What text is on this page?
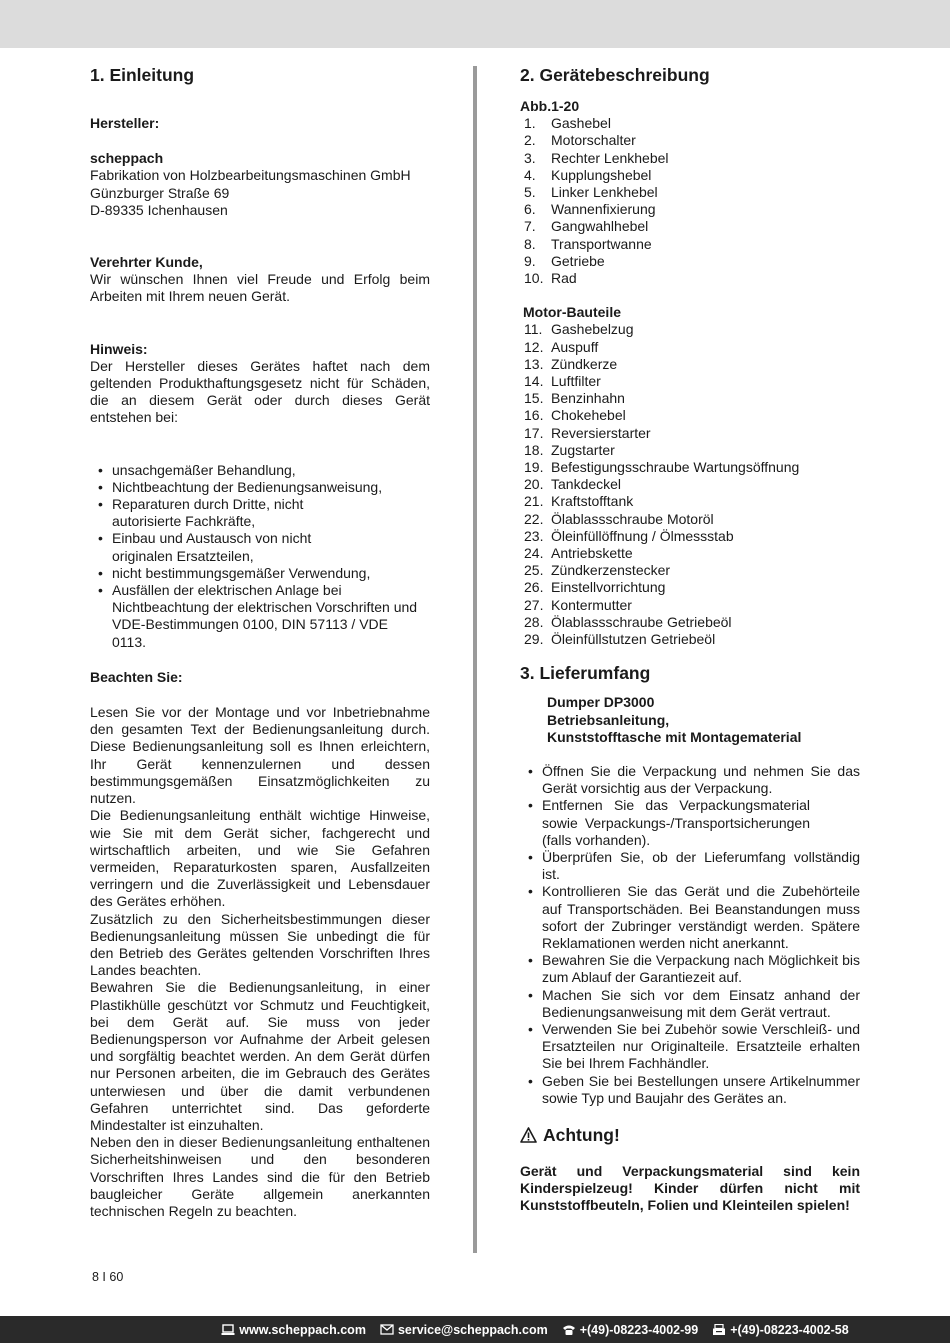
1. Einleitung

Hersteller:

scheppach

Fabrikation von Holzbearbeitungsmaschinen GmbH

Günzburger Straße 69

D-89335 Ichenhausen

Verehrter Kunde,

Wir wünschen Ihnen viel Freude und Erfolg beim Arbeiten mit Ihrem neuen Gerät.

Hinweis:

Der Hersteller dieses Gerätes haftet nach dem geltenden Produkthaftungsgesetz nicht für Schäden, die an diesem Gerät oder durch dieses Gerät entstehen bei:

• unsachgemäßer Behandlung,
• Nichtbeachtung der Bedienungsanweisung,
• Reparaturen durch Dritte, nicht autorisierte Fachkräfte,
• Einbau und Austausch von nicht originalen Ersatzteilen,
• nicht bestimmungsgemäßer Verwendung,
• Ausfällen der elektrischen Anlage bei Nichtbeachtung der elektrischen Vorschriften und VDE-Bestimmungen 0100, DIN 57113 / VDE 0113.

Beachten Sie:

Lesen Sie vor der Montage und vor Inbetriebnahme den gesamten Text der Bedienungsanleitung durch. Diese Bedienungsanleitung soll es Ihnen erleichtern, Ihr Gerät kennenzulernen und dessen bestimmungsgemäßen Einsatzmöglichkeiten zu nutzen.

Die Bedienungsanleitung enthält wichtige Hinweise, wie Sie mit dem Gerät sicher, fachgerecht und wirtschaftlich arbeiten, und wie Sie Gefahren vermeiden, Reparaturkosten sparen, Ausfallzeiten verringern und die Zuverlässigkeit und Lebensdauer des Gerätes erhöhen.

Zusätzlich zu den Sicherheitsbestimmungen dieser Bedienungsanleitung müssen Sie unbedingt die für den Betrieb des Gerätes geltenden Vorschriften Ihres Landes beachten.

Bewahren Sie die Bedienungsanleitung, in einer Plastikhülle geschützt vor Schmutz und Feuchtigkeit, bei dem Gerät auf. Sie muss von jeder Bedienungsperson vor Aufnahme der Arbeit gelesen und sorgfältig beachtet werden. An dem Gerät dürfen nur Personen arbeiten, die im Gebrauch des Gerätes unterwiesen und über die damit verbundenen Gefahren unterrichtet sind. Das geforderte Mindestalter ist einzuhalten.

Neben den in dieser Bedienungsanleitung enthaltenen Sicherheitshinweisen und den besonderen Vorschriften Ihres Landes sind die für den Betrieb baugleicher Geräte allgemein anerkannten technischen Regeln zu beachten.

2. Gerätebeschreibung

Abb.1-20

1.	Gashebel
2.	Motorschalter
3.	Rechter Lenkhebel
4.	Kupplungshebel
5.	Linker Lenkhebel
6.	Wannenfixierung
7.	Gangwahlhebel
8.	Transportwanne
9.	Getriebe
10. Rad

Motor-Bauteile

11. Gashebelzug
12. Auspuff
13. Zündkerze
14. Luftfilter
15. Benzinhahn
16. Chokehebel
17. Reversierstarter
18. Zugstarter
19. Befestigungsschraube Wartungsöffnung
20. Tankdeckel
21. Kraftstofftank
22. Ölablassschraube Motoröl
23. Öleinfüllöffnung / Ölmessstab
24. Antriebskette
25. Zündkerzenstecker
26. Einstellvorrichtung
27. Kontermutter
28. Ölablassschraube Getriebeöl
29. Öleinfüllstutzen Getriebeöl
3. Lieferumfang

Dumper DP3000

Betriebsanleitung,

Kunststofftasche mit Montagematerial

• Öffnen Sie die Verpackung und nehmen Sie das Gerät vorsichtig aus der Verpackung.
• Entfernen Sie das Verpackungsmaterial sowie Verpackungs-/Transportsicherungen (falls vorhanden).
• Überprüfen Sie, ob der Lieferumfang vollständig ist.
• Kontrollieren Sie das Gerät und die Zubehörteile auf Transportschäden. Bei Beanstandungen muss sofort der Zubringer verständigt werden. Spätere Reklamationen werden nicht anerkannt.
• Bewahren Sie die Verpackung nach Möglichkeit bis zum Ablauf der Garantiezeit auf.
• Machen Sie sich vor dem Einsatz anhand der Bedienungsanweisung mit dem Gerät vertraut.
• Verwenden Sie bei Zubehör sowie Verschleiß- und Ersatzteilen nur Originalteile. Ersatzteile erhalten Sie bei Ihrem Fachhändler.
• Geben Sie bei Bestellungen unsere Artikelnummer sowie Typ und Baujahr des Gerätes an.
Achtung!

Gerät und Verpackungsmaterial sind kein Kinderspielzeug! Kinder dürfen nicht mit Kunststoffbeuteln, Folien und Kleinteilen spielen!

8 I 60
www.scheppach.com	service@scheppach.com	+(49)-08223-4002-99	+(49)-08223-4002-58
